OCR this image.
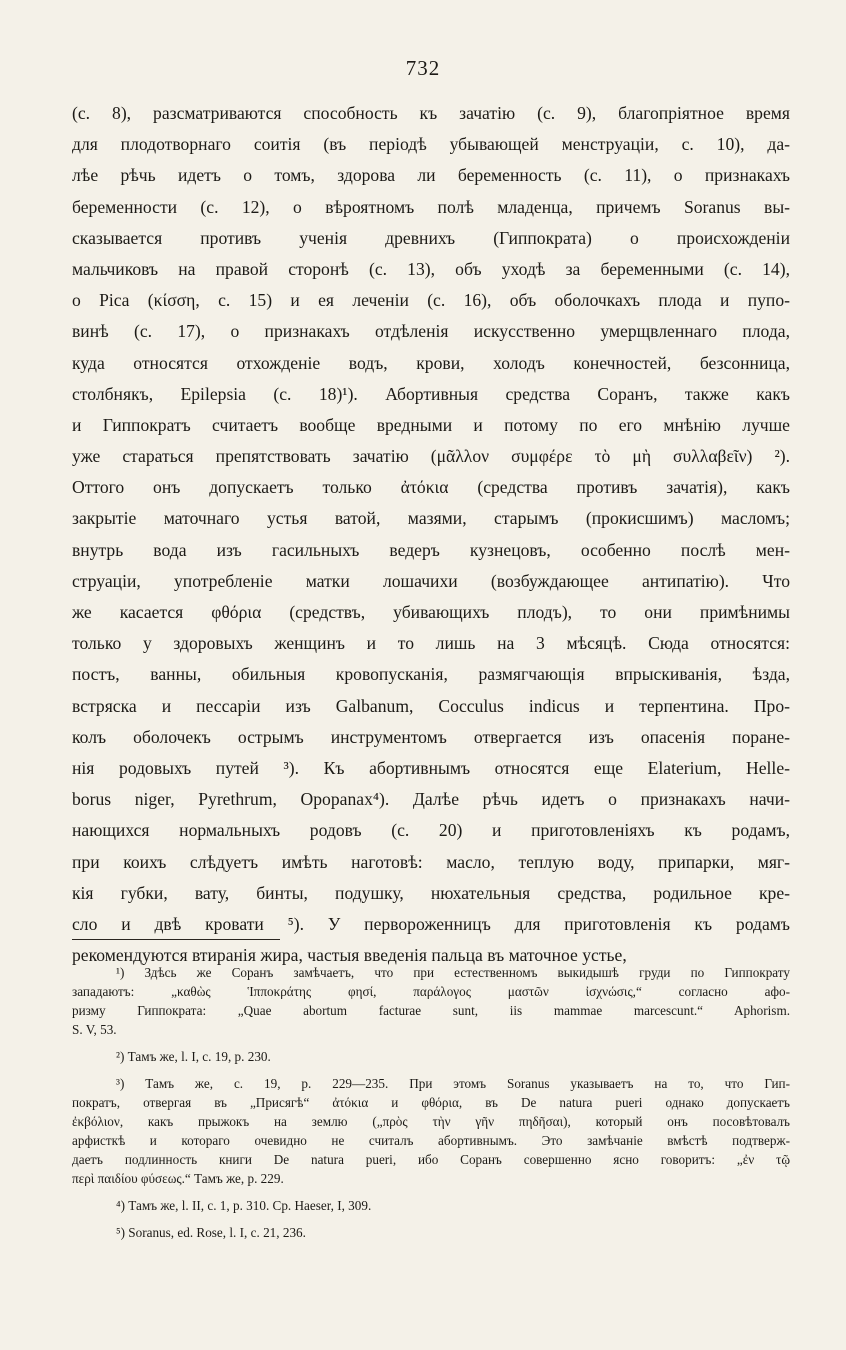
732
(с. 8), разсматриваются способность къ зачатію (с. 9), благопріятное время
для плодотворнаго соитія (въ періодѣ убывающей менструаціи, с. 10), да-
лѣе рѣчь идетъ о томъ, здорова ли беременность (с. 11), о признакахъ
беременности (с. 12), о вѣроятномъ полѣ младенца, причемъ Soranus вы-
сказывается противъ ученія древнихъ (Гиппократа) о происхожденіи
мальчиковъ на правой сторонѣ (с. 13), объ уходѣ за беременными (с. 14),
о Pica (κίσση, с. 15) и ея леченіи (с. 16), объ оболочкахъ плода и пупо-
винѣ (с. 17), о признакахъ отдѣленія искусственно умерщвленнаго плода,
куда относятся отхожденіе водъ, крови, холодъ конечностей, безсонница,
столбнякъ, Epilepsia (с. 18)¹). Абортивныя средства Соранъ, также какъ
и Гиппократъ считаетъ вообще вредными и потому по его мнѣнію лучше
уже стараться препятствовать зачатію (μᾶλλον συμφέρε τὸ μὴ συλλαβεῖν) ²).
Оттого онъ допускаетъ только ἀτόκια (средства противъ зачатія), какъ
закрытіе маточнаго устья ватой, мазями, старымъ (прокисшимъ) масломъ;
внутрь вода изъ гасильныхъ ведеръ кузнецовъ, особенно послѣ мен-
струаціи, употребленіе матки лошачихи (возбуждающее антипатію). Что
же касается φθόρια (средствъ, убивающихъ плодъ), то они примѣнимы
только у здоровыхъ женщинъ и то лишь на 3 мѣсяцѣ. Сюда относятся:
постъ, ванны, обильныя кровопусканія, размягчающія впрыскиванія, ѣзда,
встряска и пессаріи изъ Galbanum, Cocculus indicus и терпентина. Про-
колъ оболочекъ острымъ инструментомъ отвергается изъ опасенія поране-
нія родовыхъ путей ³). Къ абортивнымъ относятся еще Elaterium, Helle-
borus niger, Pyrethrum, Opopanax⁴). Далѣе рѣчь идетъ о признакахъ начи-
нающихся нормальныхъ родовъ (с. 20) и приготовленіяхъ къ родамъ,
при коихъ слѣдуетъ имѣть наготовѣ: масло, теплую воду, припарки, мяг-
кія губки, вату, бинты, подушку, нюхательныя средства, родильное кре-
сло и двѣ кровати ⁵). У первороженницъ для приготовленія къ родамъ
рекомендуются втиранія жира, частыя введенія пальца въ маточное устье,
¹) Здѣсь же Соранъ замѣчаетъ, что при естественномъ выкидышѣ груди по Гиппократу
западаютъ: „καθὼς Ἱπποκράτης φησί, παράλογος μαστῶν ἰσχνώσις,“ согласно афо-
ризму Гиппократа: „Quae abortum facturae sunt, iis mammae marcescunt.“ Aphorism.
S. V, 53.
²) Тамъ же, l. I, c. 19, p. 230.
³) Тамъ же, c. 19, p. 229—235. При этомъ Soranus указываетъ на то, что Гип-
пократъ, отвергая въ „Присягѣ“ ἀτόκια и φθόρια, въ De natura pueri однако допускаетъ
ἐκβόλιον, какъ прыжокъ на землю („πρὸς τὴν γῆν πηδῆσαι), который онъ посовѣтовалъ
арфисткѣ и котораго очевидно не считалъ абортивнымъ. Это замѣчаніе вмѣстѣ подтверж-
даетъ подлинность книги De natura pueri, ибо Соранъ совершенно ясно говоритъ: „ἐν τῷ
περὶ παιδίου φύσεως.“ Тамъ же, p. 229.
⁴) Тамъ же, l. II, c. 1, p. 310. Ср. Haeser, I, 309.
⁵) Soranus, ed. Rose, l. I, c. 21, 236.
